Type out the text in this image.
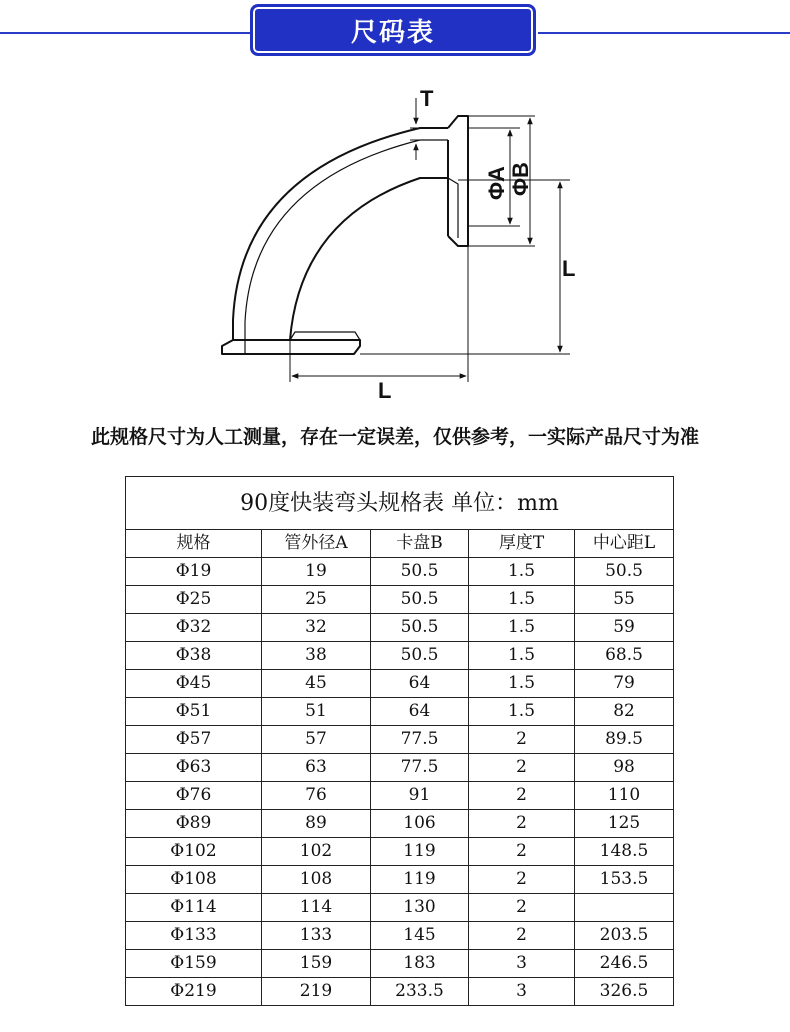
尺码表
T
ΦA ΦB
L
L
此规格尺寸为人工测量，存在一定误差，仅供参考，一实际产品尺寸为准
90度快装弯头规格表 单位：mm				
规格	管外径A	卡盘B	厚度T	中心距L
Φ19	19	50.5	1.5	50.5
Φ25	25	50.5	1.5	55
Φ32	32	50.5	1.5	59
Φ38	38	50.5	1.5	68.5
Φ45	45	64	1.5	79
Φ51	51	64	1.5	82
Φ57	57	77.5	2	89.5
Φ63	63	77.5	2	98
Φ76	76	91	2	110
Φ89	89	106	2	125
Φ102	102	119	2	148.5
Φ108	108	119	2	153.5
Φ114	114	130	2	
Φ133	133	145	2	203.5
Φ159	159	183	3	246.5
Φ219	219	233.5	3	326.5
